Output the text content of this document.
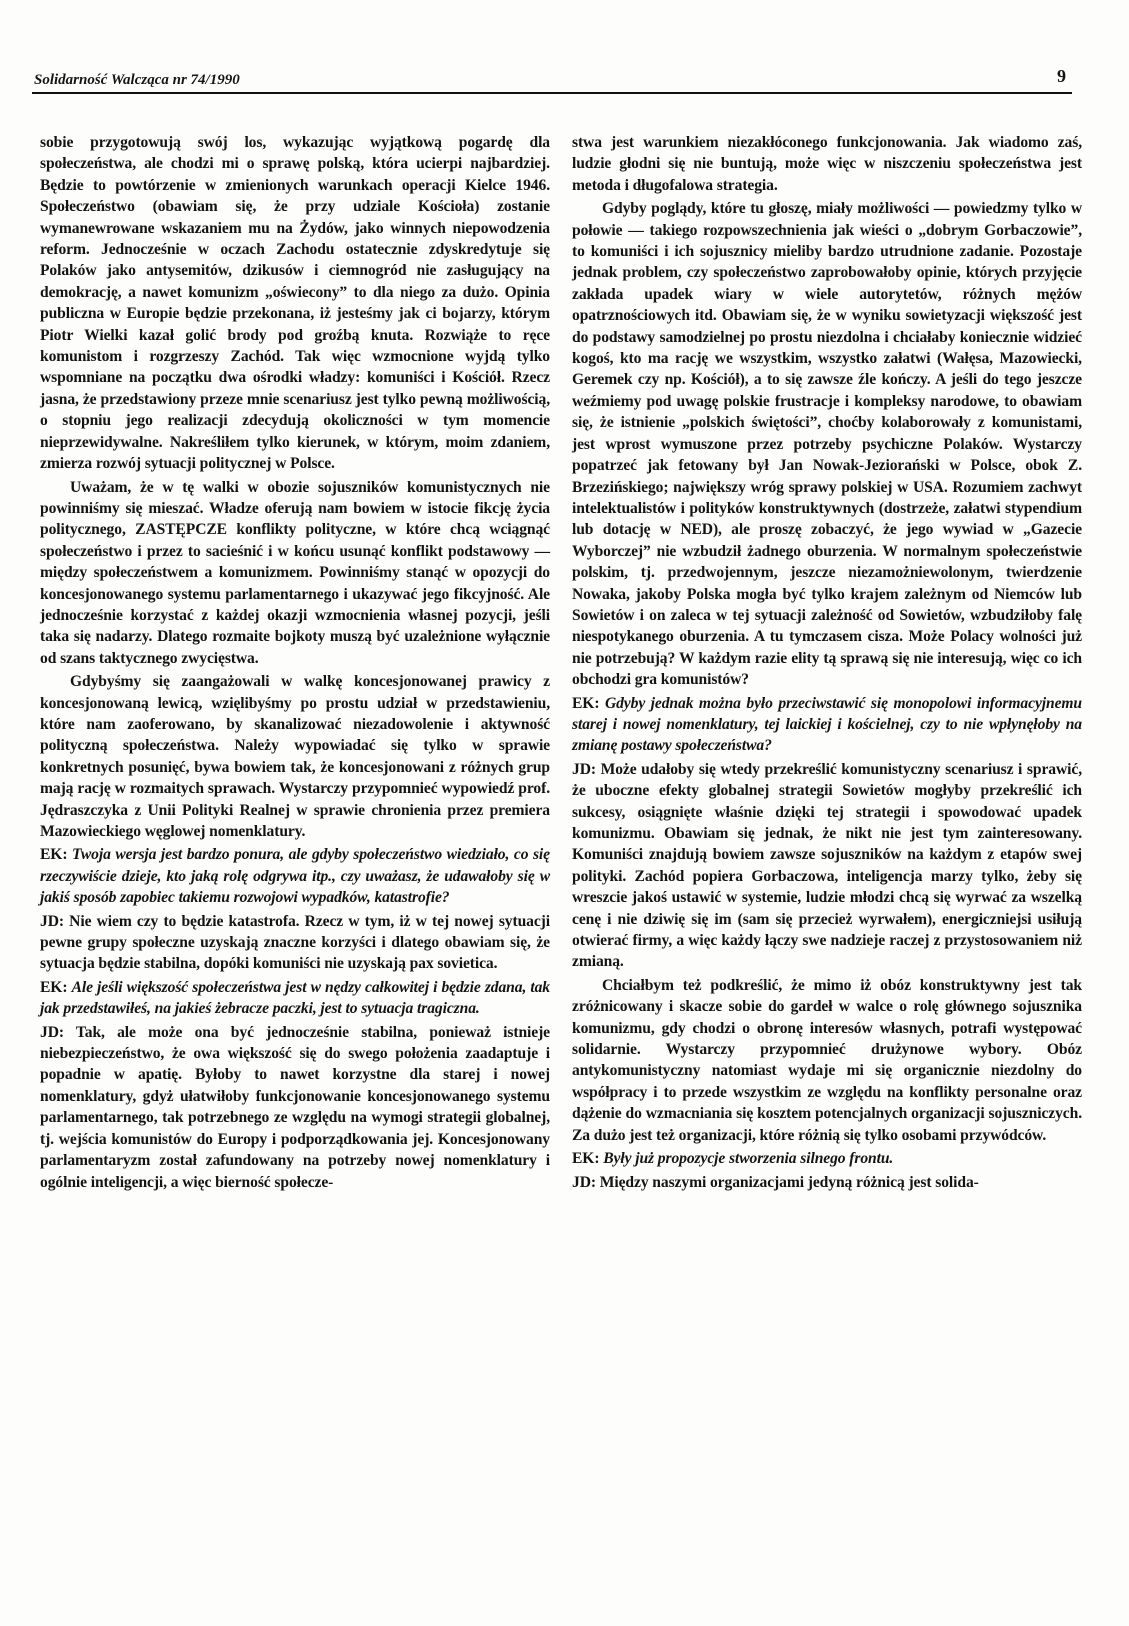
Solidarność Walcząca nr 74/1990	9

sobie przygotowują swój los, wykazując wyjątkową pogardę dla społeczeństwa, ale chodzi mi o sprawę polską, która ucierpi najbardziej. Będzie to powtórzenie w zmienionych warunkach operacji Kielce 1946. Społeczeństwo (obawiam się, że przy udziale Kościoła) zostanie wymanewrowane wskazaniem mu na Żydów, jako winnych niepowodzenia reform. Jednocześnie w oczach Zachodu ostatecznie zdyskredytuje się Polaków jako antysemitów, dzikusów i ciemnogród nie zasługujący na demokrację, a nawet komunizm „oświecony” to dla niego za dużo. Opinia publiczna w Europie będzie przekonana, iż jesteśmy jak ci bojarzy, którym Piotr Wielki kazał golić brody pod groźbą knuta. Rozwiąże to ręce komunistom i rozgrzeszy Zachód. Tak więc wzmocnione wyjdą tylko wspomniane na początku dwa ośrodki władzy: komuniści i Kościół. Rzecz jasna, że przedstawiony przeze mnie scenariusz jest tylko pewną możliwością, o stopniu jego realizacji zdecydują okoliczności w tym momencie nieprzewidywalne. Nakreśliłem tylko kierunek, w którym, moim zdaniem, zmierza rozwój sytuacji politycznej w Polsce.

Uważam, że w tę walki w obozie sojuszników komunistycznych nie powinniśmy się mieszać. Władze oferują nam bowiem w istocie fikcję życia politycznego, ZASTĘPCZE konflikty polityczne, w które chcą wciągnąć społeczeństwo i przez to sacieśnić i w końcu usunąć konflikt podstawowy — między społeczeństwem a komunizmem. Powinniśmy stanąć w opozycji do koncesjonowanego systemu parlamentarnego i ukazywać jego fikcyjność. Ale jednocześnie korzystać z każdej okazji wzmocnienia własnej pozycji, jeśli taka się nadarzy. Dlatego rozmaite bojkoty muszą być uzależnione wyłącznie od szans taktycznego zwycięstwa.

Gdybyśmy się zaangażowali w walkę koncesjonowanej prawicy z koncesjonowaną lewicą, wzięlibyśmy po prostu udział w przedstawieniu, które nam zaoferowano, by skanalizować niezadowolenie i aktywność polityczną społeczeństwa. Należy wypowiadać się tylko w sprawie konkretnych posunięć, bywa bowiem tak, że koncesjonowani z różnych grup mają rację w rozmaitych sprawach. Wystarczy przypomnieć wypowiedź prof. Jędraszczyka z Unii Polityki Realnej w sprawie chronienia przez premiera Mazowieckiego węglowej nomenklatury.

EK: Twoja wersja jest bardzo ponura, ale gdyby społeczeństwo wiedziało, co się rzeczywiście dzieje, kto jaką rolę odgrywa itp., czy uważasz, że udawałoby się w jakiś sposób zapobiec takiemu rozwojowi wypadków, katastrofie?

JD: Nie wiem czy to będzie katastrofa. Rzecz w tym, iż w tej nowej sytuacji pewne grupy społeczne uzyskają znaczne korzyści i dlatego obawiam się, że sytuacja będzie stabilna, dopóki komuniści nie uzyskają pax sovietica.

EK: Ale jeśli większość społeczeństwa jest w nędzy całkowitej i będzie zdana, tak jak przedstawiłeś, na jakieś żebracze paczki, jest to sytuacja tragiczna.

JD: Tak, ale może ona być jednocześnie stabilna, ponieważ istnieje niebezpieczeństwo, że owa większość się do swego położenia zaadaptuje i popadnie w apatię. Byłoby to nawet korzystne dla starej i nowej nomenklatury, gdyż ułatwiłoby funkcjonowanie koncesjonowanego systemu parlamentarnego, tak potrzebnego ze względu na wymogi strategii globalnej, tj. wejścia komunistów do Europy i podporządkowania jej. Koncesjonowany parlamentaryzm został zafundowany na potrzeby nowej nomenklatury i ogólnie inteligencji, a więc bierność społecze-

stwa jest warunkiem niezakłóconego funkcjonowania. Jak wiadomo zaś, ludzie głodni się nie buntują, może więc w niszczeniu społeczeństwa jest metoda i długofalowa strategia.

Gdyby poglądy, które tu głoszę, miały możliwości — powiedzmy tylko w połowie — takiego rozpowszechnienia jak wieści o „dobrym Gorbaczowie”, to komuniści i ich sojusznicy mieliby bardzo utrudnione zadanie. Pozostaje jednak problem, czy społeczeństwo zaprobowałoby opinie, których przyjęcie zakłada upadek wiary w wiele autorytetów, różnych mężów opatrznościowych itd. Obawiam się, że w wyniku sowietyzacji większość jest do podstawy samodzielnej po prostu niezdolna i chciałaby koniecznie widzieć kogoś, kto ma rację we wszystkim, wszystko załatwi (Wałęsa, Mazowiecki, Geremek czy np. Kościół), a to się zawsze źle kończy. A jeśli do tego jeszcze weźmiemy pod uwagę polskie frustracje i kompleksy narodowe, to obawiam się, że istnienie „polskich świętości”, choćby kolaborowały z komunistami, jest wprost wymuszone przez potrzeby psychiczne Polaków. Wystarczy popatrzeć jak fetowany był Jan Nowak-Jeziorański w Polsce, obok Z. Brzezińskiego; największy wróg sprawy polskiej w USA. Rozumiem zachwyt intelektualistów i polityków konstruktywnych (dostrzeże, załatwi stypendium lub dotację w NED), ale proszę zobaczyć, że jego wywiad w „Gazecie Wyborczej” nie wzbudził żadnego oburzenia. W normalnym społeczeństwie polskim, tj. przedwojennym, jeszcze niezamożniewolonym, twierdzenie Nowaka, jakoby Polska mogła być tylko krajem zależnym od Niemców lub Sowietów i on zaleca w tej sytuacji zależność od Sowietów, wzbudziłoby falę niespotykanego oburzenia. A tu tymczasem cisza. Może Polacy wolności już nie potrzebują? W każdym razie elity tą sprawą się nie interesują, więc co ich obchodzi gra komunistów?

EK: Gdyby jednak można było przeciwstawić się monopolowi informacyjnemu starej i nowej nomenklatury, tej laickiej i kościelnej, czy to nie wpłynęłoby na zmianę postawy społeczeństwa?

JD: Może udałoby się wtedy przekreślić komunistyczny scenariusz i sprawić, że uboczne efekty globalnej strategii Sowietów mogłyby przekreślić ich sukcesy, osiągnięte właśnie dzięki tej strategii i spowodować upadek komunizmu. Obawiam się jednak, że nikt nie jest tym zainteresowany. Komuniści znajdują bowiem zawsze sojuszników na każdym z etapów swej polityki. Zachód popiera Gorbaczowa, inteligencja marzy tylko, żeby się wreszcie jakoś ustawić w systemie, ludzie młodzi chcą się wyrwać za wszelką cenę i nie dziwię się im (sam się przecież wyrwałem), energiczniejsi usiłują otwierać firmy, a więc każdy łączy swe nadzieje raczej z przystosowaniem niż zmianą.

Chciałbym też podkreślić, że mimo iż obóz konstruktywny jest tak zróżnicowany i skacze sobie do gardeł w walce o rolę głównego sojusznika komunizmu, gdy chodzi o obronę interesów własnych, potrafi występować solidarnie. Wystarczy przypomnieć drużynowe wybory. Obóz antykomunistyczny natomiast wydaje mi się organicznie niezdolny do współpracy i to przede wszystkim ze względu na konflikty personalne oraz dążenie do wzmacniania się kosztem potencjalnych organizacji sojuszniczych. Za dużo jest też organizacji, które różnią się tylko osobami przywódców.

EK: Były już propozycje stworzenia silnego frontu.

JD: Między naszymi organizacjami jedyną różnicą jest solida-
